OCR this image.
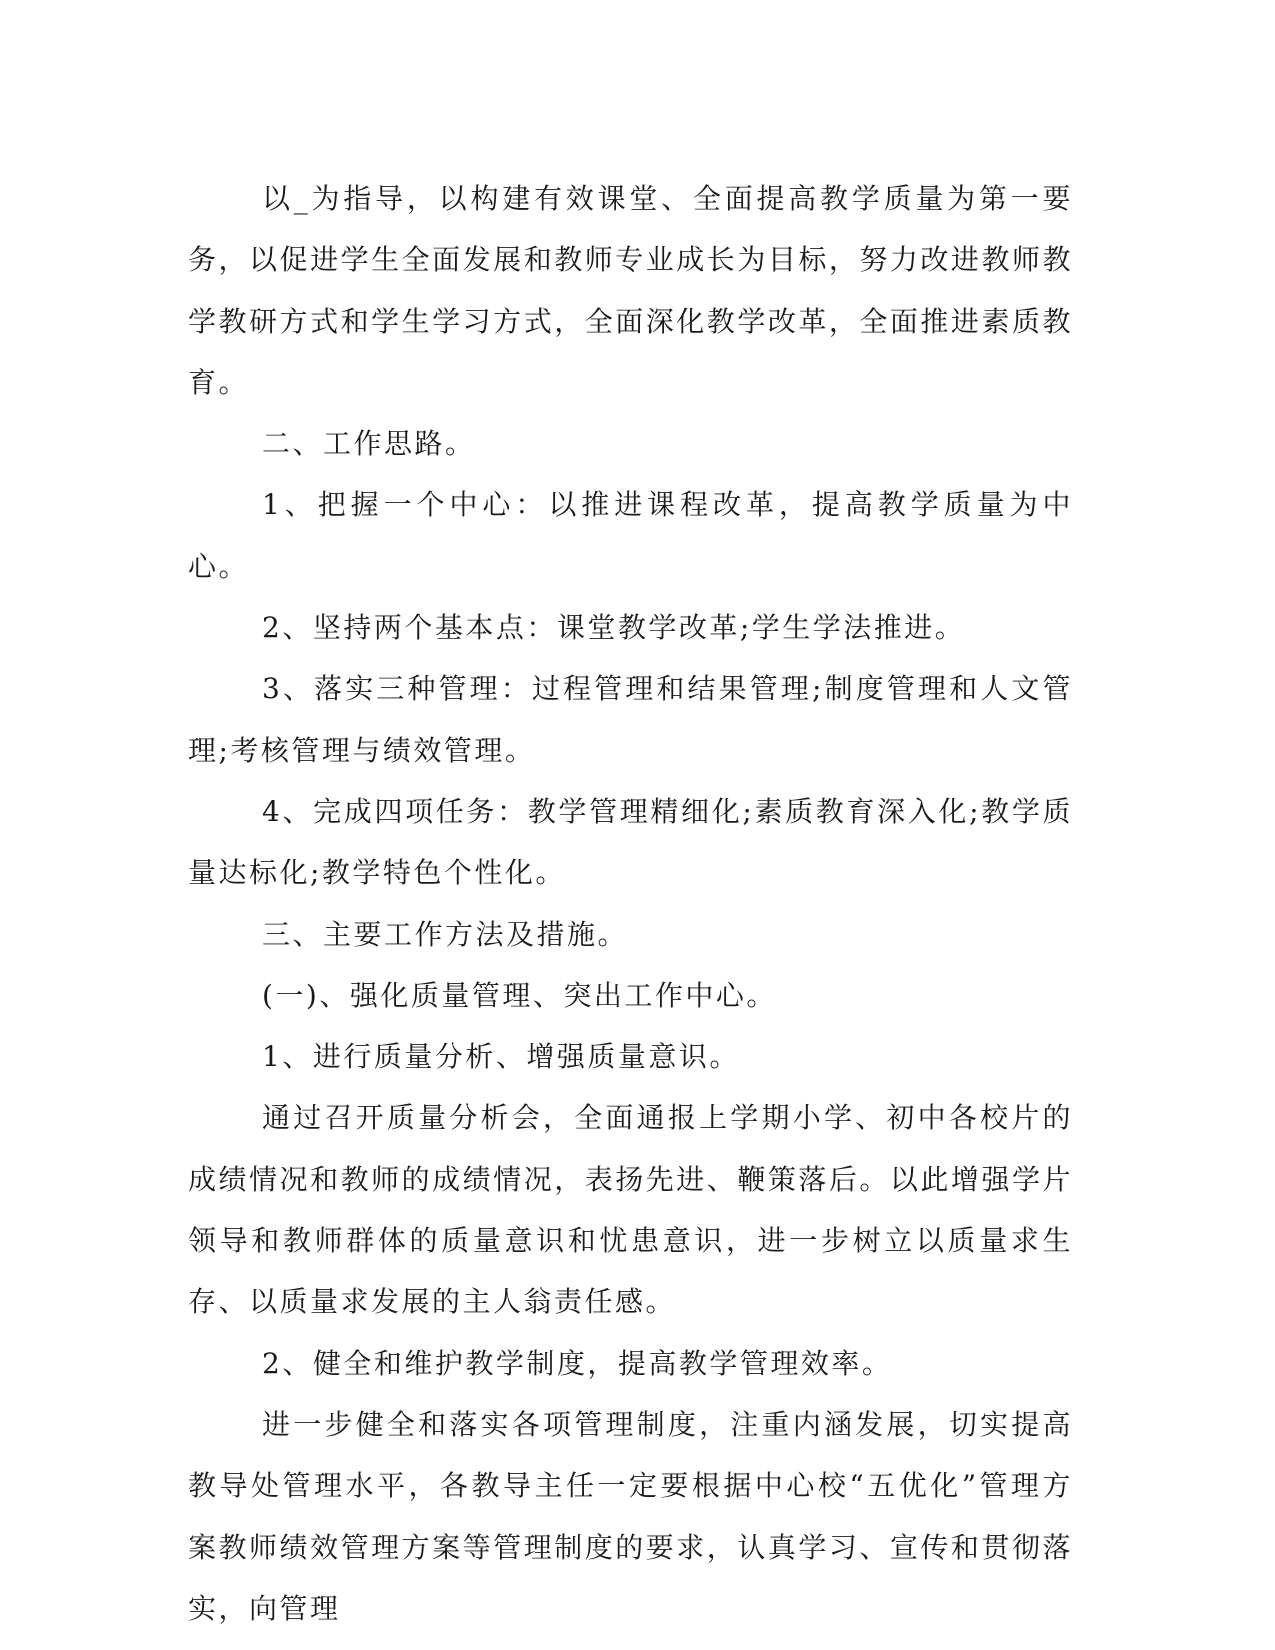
以_为指导，以构建有效课堂、全面提高教学质量为第一要务，以促进学生全面发展和教师专业成长为目标，努力改进教师教学教研方式和学生学习方式，全面深化教学改革，全面推进素质教育。

二、工作思路。

1、把握一个中心：以推进课程改革，提高教学质量为中心。

2、坚持两个基本点：课堂教学改革;学生学法推进。

3、落实三种管理：过程管理和结果管理;制度管理和人文管理;考核管理与绩效管理。

4、完成四项任务：教学管理精细化;素质教育深入化;教学质量达标化;教学特色个性化。

三、主要工作方法及措施。

(一)、强化质量管理、突出工作中心。

1、进行质量分析、增强质量意识。

通过召开质量分析会，全面通报上学期小学、初中各校片的成绩情况和教师的成绩情况，表扬先进、鞭策落后。以此增强学片领导和教师群体的质量意识和忧患意识，进一步树立以质量求生存、以质量求发展的主人翁责任感。

2、健全和维护教学制度，提高教学管理效率。

进一步健全和落实各项管理制度，注重内涵发展，切实提高教导处管理水平，各教导主任一定要根据中心校“五优化”管理方案教师绩效管理方案等管理制度的要求，认真学习、宣传和贯彻落实，向管理
